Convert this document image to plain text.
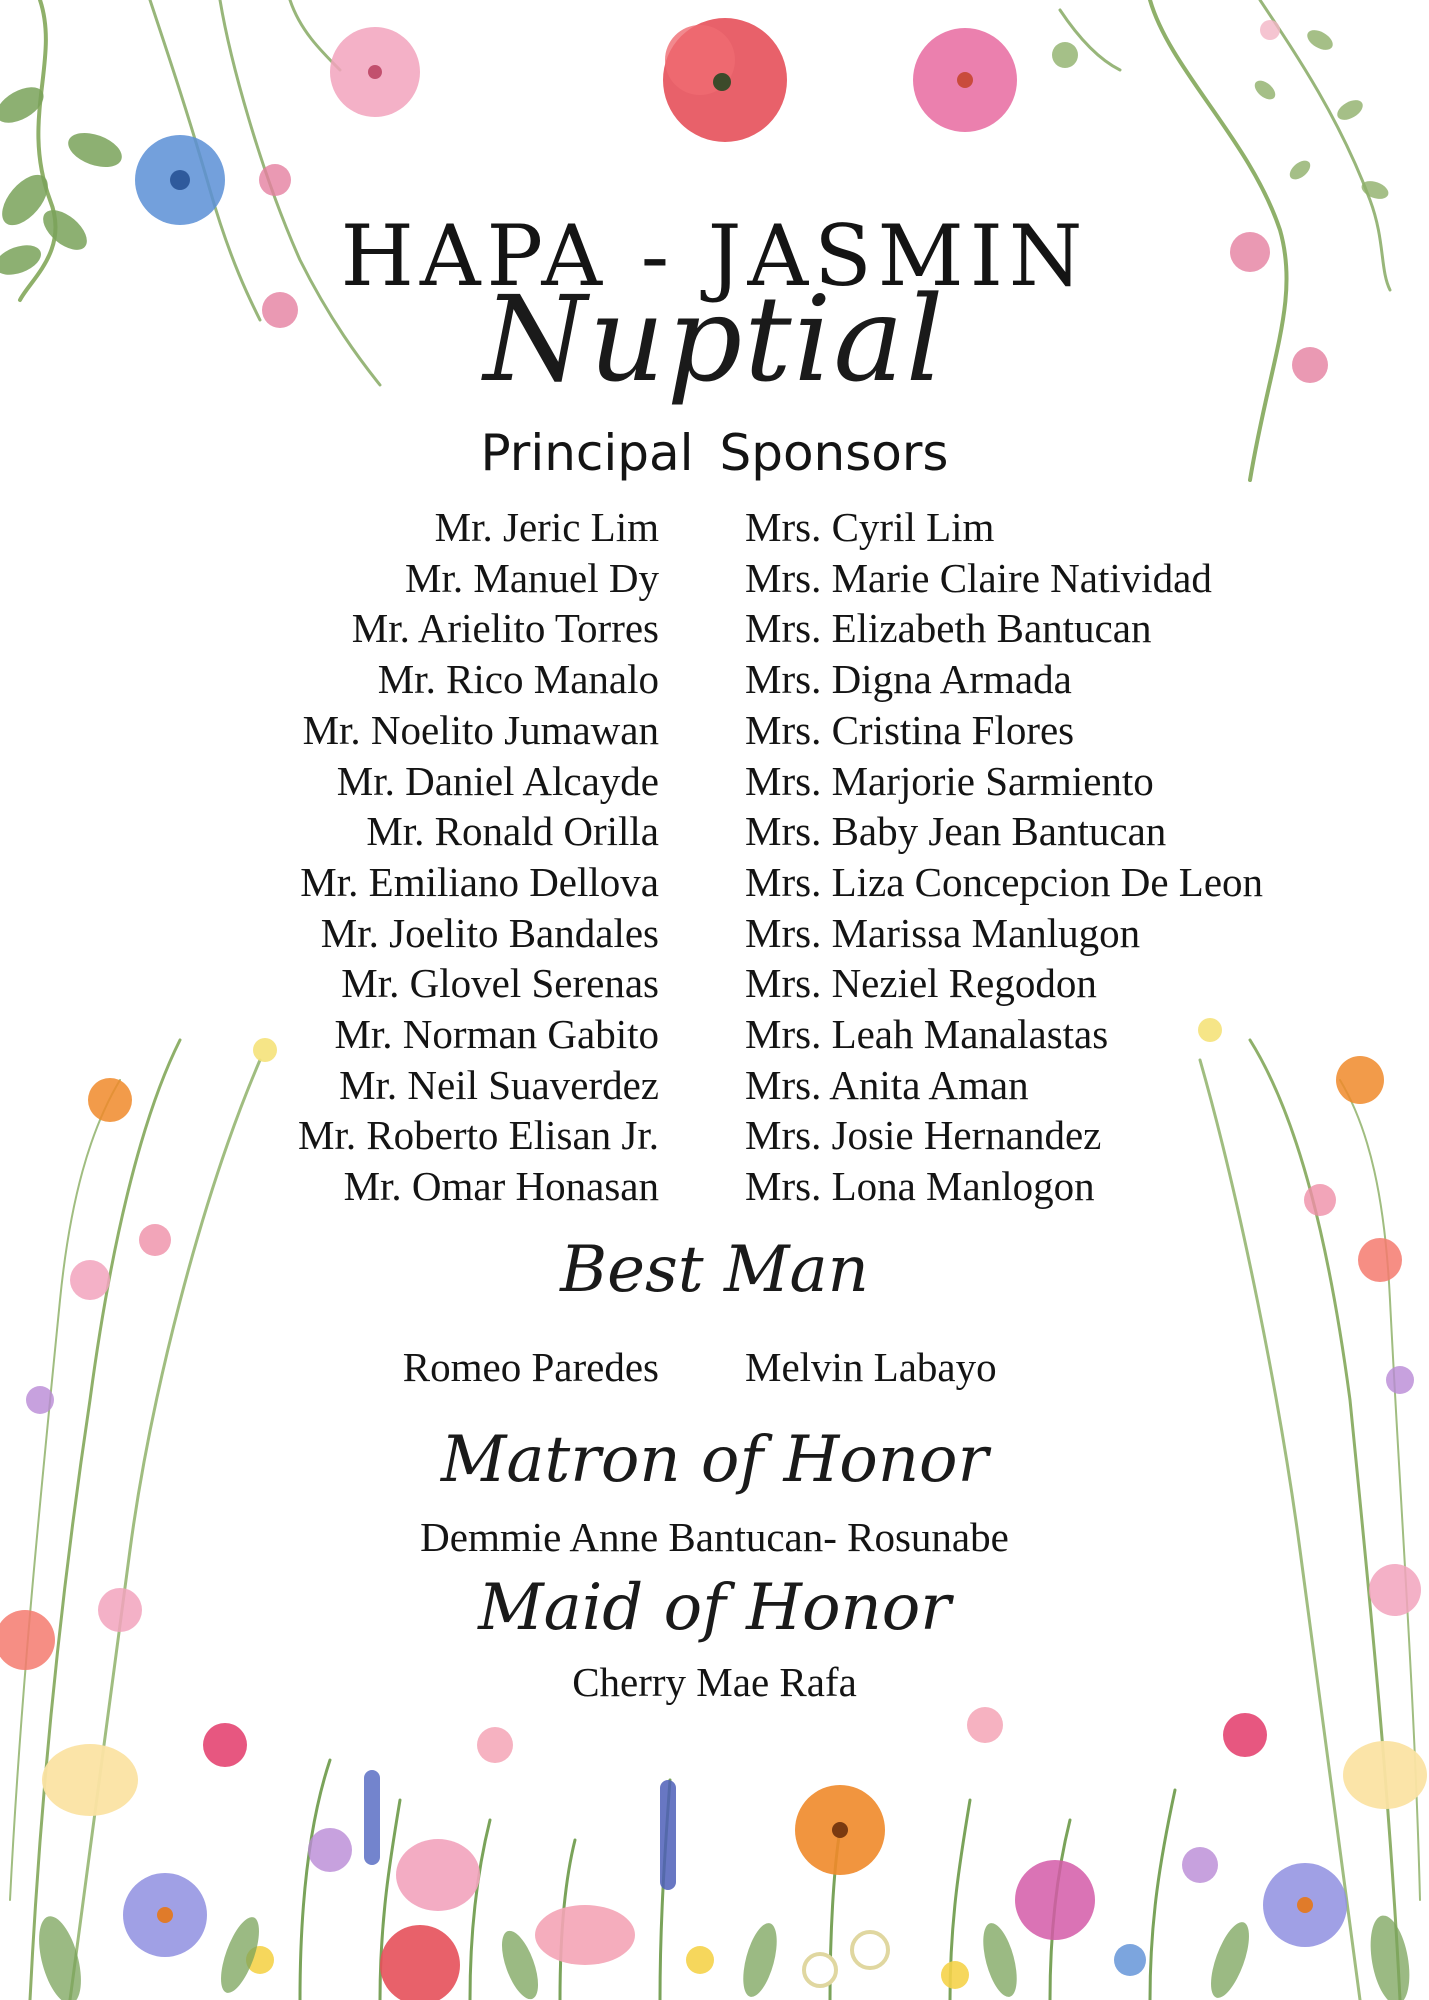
HAPA - JASMIN
Nuptial
Principal Sponsors
Mr. Jeric Lim
Mr. Manuel Dy
Mr. Arielito Torres
Mr. Rico Manalo
Mr. Noelito Jumawan
Mr. Daniel Alcayde
Mr. Ronald Orilla
Mr. Emiliano Dellova
Mr. Joelito Bandales
Mr. Glovel Serenas
Mr. Norman Gabito
Mr. Neil Suaverdez
Mr. Roberto Elisan Jr.
Mr. Omar Honasan
Mrs. Cyril Lim
Mrs. Marie Claire Natividad
Mrs. Elizabeth Bantucan
Mrs. Digna Armada
Mrs. Cristina Flores
Mrs. Marjorie Sarmiento
Mrs. Baby Jean Bantucan
Mrs. Liza Concepcion De Leon
Mrs. Marissa Manlugon
Mrs. Neziel Regodon
Mrs. Leah Manalastas
Mrs. Anita Aman
Mrs. Josie Hernandez
Mrs. Lona Manlogon
Best Man
Romeo Paredes Melvin Labayo
Matron of Honor
Demmie Anne Bantucan- Rosunabe
Maid of Honor
Cherry Mae Rafa
